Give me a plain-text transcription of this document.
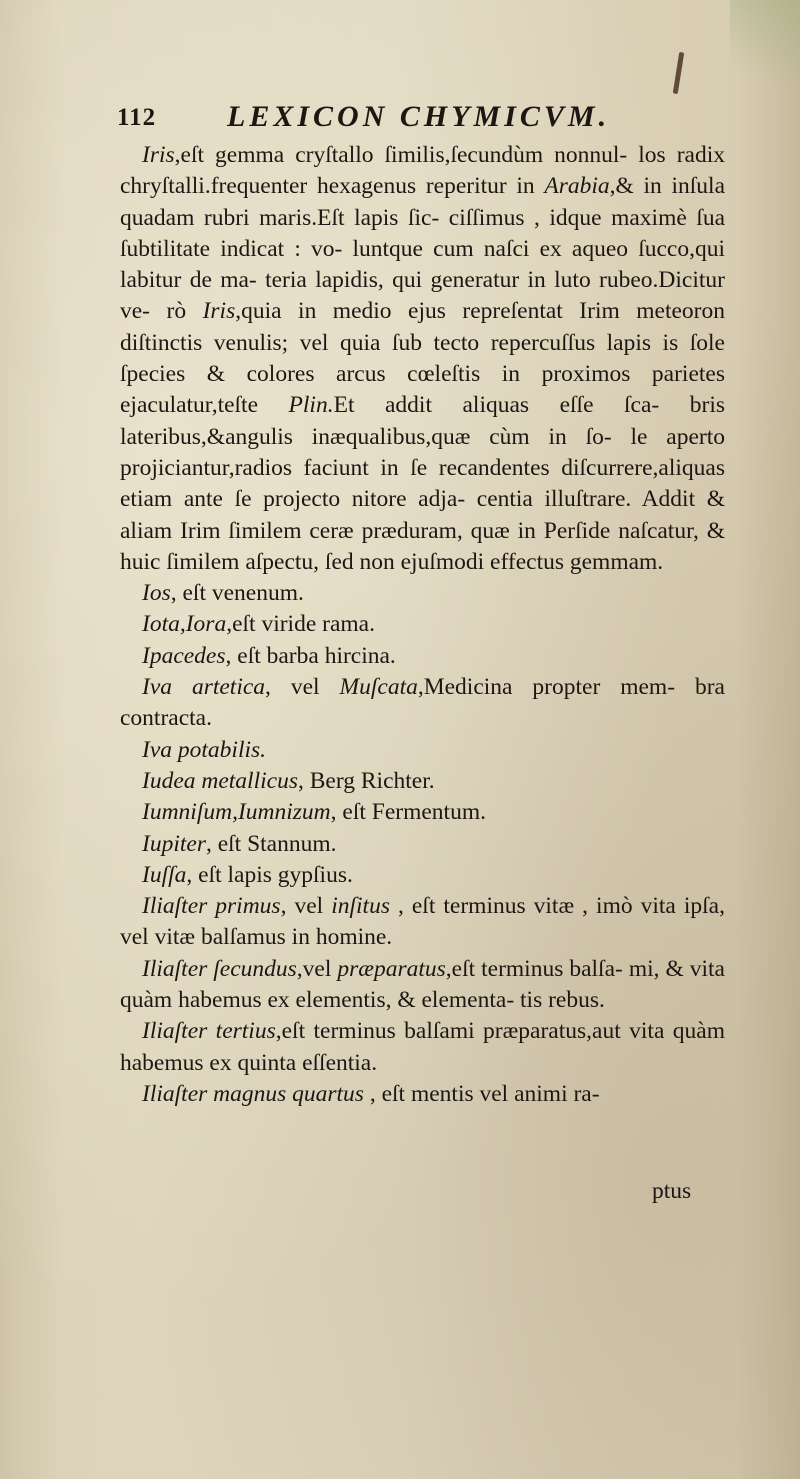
112 LEXICON CHYMICVM.

Iris,eſt gemma cryſtallo ſimilis,ſecundùm nonnul- los radix chryſtalli.frequenter hexagenus reperitur in Arabia,& in inſula quadam rubri maris.Eſt lapis ſic- ciſſimus , idque maximè ſua ſubtilitate indicat : vo- luntque cum naſci ex aqueo ſucco,qui labitur de ma- teria lapidis, qui generatur in luto rubeo.Dicitur ve- rò Iris,quia in medio ejus repreſentat Irim meteoron diſtinctis venulis; vel quia ſub tecto repercuſſus lapis is ſole ſpecies & colores arcus cœleſtis in proximos parietes ejaculatur,teſte Plin.Et addit aliquas eſſe ſca- bris lateribus,&angulis inæqualibus,quæ cùm in ſo- le aperto projiciantur,radios faciunt in ſe recandentes diſcurrere,aliquas etiam ante ſe projecto nitore adja- centia illuſtrare. Addit & aliam Irim ſimilem ceræ præduram, quæ in Perſide naſcatur, & huic ſimilem aſpectu, ſed non ejuſmodi effectus gemmam.

Ios, eſt venenum.

Iota,Iora,eſt viride rama.

Ipacedes, eſt barba hircina.

Iva artetica, vel Muſcata,Medicina propter mem- bra contracta.

Iva potabilis.

Iudea metallicus, Berg Richter.

Iumniſum,Iumnizum, eſt Fermentum.

Iupiter, eſt Stannum.

Iuſſa, eſt lapis gypſius.

Iliaſter primus, vel inſitus , eſt terminus vitæ , imò vita ipſa, vel vitæ balſamus in homine.

Iliaſter ſecundus,vel præparatus,eſt terminus balſa- mi, & vita quàm habemus ex elementis, & elementa- tis rebus.

Iliaſter tertius,eſt terminus balſami præparatus,aut vita quàm habemus ex quinta eſſentia.

Iliaſter magnus quartus , eſt mentis vel animi ra-

ptus
